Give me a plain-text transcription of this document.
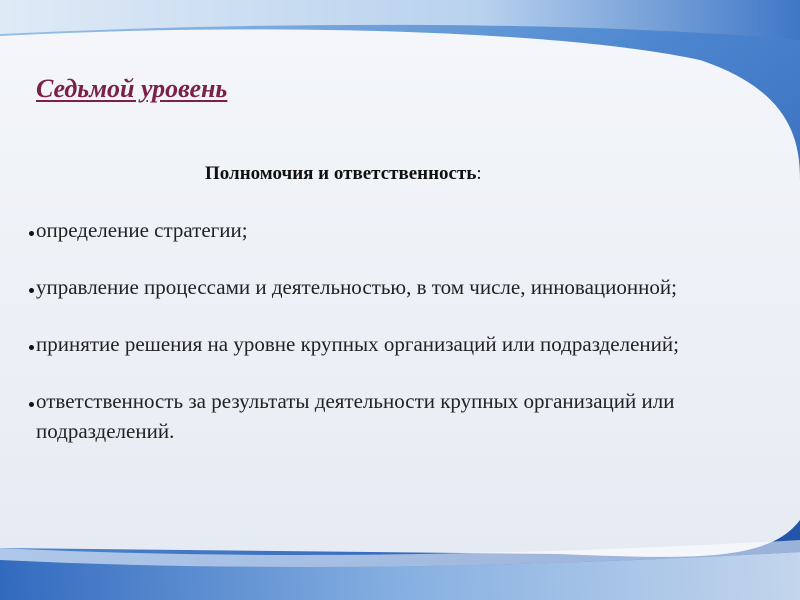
Седьмой уровень
Полномочия и ответственность:
определение стратегии;
управление процессами и деятельностью, в том числе, инновационной;
принятие решения на уровне крупных организаций или подразделений;
ответственность за результаты деятельности крупных организаций или подразделений.
